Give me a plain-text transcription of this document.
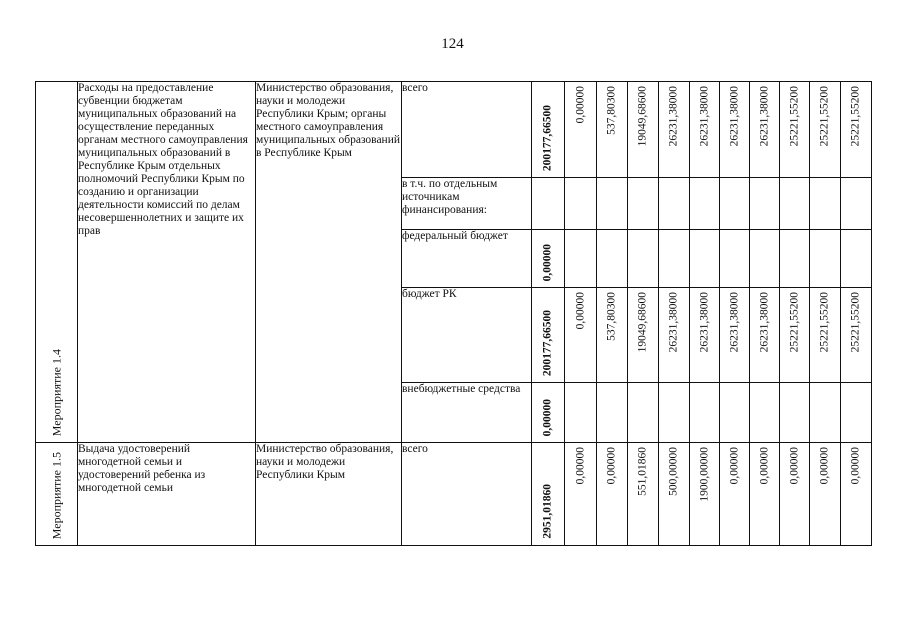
124
Мероприятие 1.4	Расходы на предоставление субвенции бюджетам муниципальных образований на осуществление переданных органам местного самоуправления муниципальных образований в Республике Крым отдельных полномочий Республики Крым по созданию и организации деятельности комиссий по делам несовершеннолетних и защите их прав	Министерство образования, науки и молодежи Республики Крым; органы местного самоуправления муниципальных образований в Республике Крым	всего	200177,66500	0,00000	537,80300	19049,68600	26231,38000	26231,38000	26231,38000	26231,38000	25221,55200	25221,55200	25221,55200

			в т.ч. по отдельным источникам финансирования:											
			федеральный бюджет	0,00000										

			бюджет РК	200177,66500	0,00000	537,80300	19049,68600	26231,38000	26231,38000	26231,38000	26231,38000	25221,55200	25221,55200	25221,55200

			внебюджетные средства	0,00000										

Мероприятие 1.5	Выдача удостоверений многодетной семьи и удостоверений ребенка из многодетной семьи	Министерство образования, науки и молодежи Республики Крым	всего	2951,01860	0,00000	0,00000	551,01860	500,00000	1900,00000	0,00000	0,00000	0,00000	0,00000	0,00000
